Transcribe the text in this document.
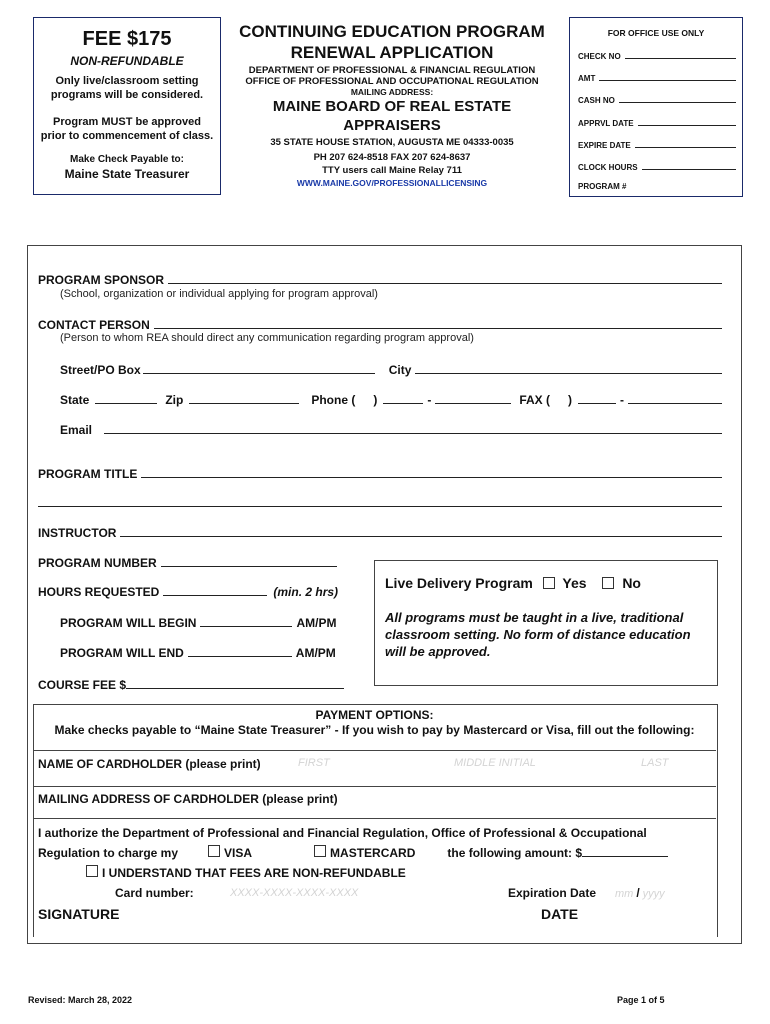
FEE $175
NON-REFUNDABLE
Only live/classroom setting
programs will be considered.
Program MUST be approved
prior to commencement of class.
Make Check Payable to:
Maine State Treasurer
CONTINUING EDUCATION PROGRAM
RENEWAL APPLICATION
DEPARTMENT OF PROFESSIONAL & FINANCIAL REGULATION
OFFICE OF PROFESSIONAL AND OCCUPATIONAL REGULATION
MAILING ADDRESS:
MAINE BOARD OF REAL ESTATE
APPRAISERS
35 STATE HOUSE STATION, AUGUSTA ME 04333-0035
PH 207 624-8518 FAX 207 624-8637
TTY users call Maine Relay 711
WWW.MAINE.GOV/PROFESSIONALLICENSING
FOR OFFICE USE ONLY
CHECK NO
AMT
CASH NO
APPRVL DATE
EXPIRE DATE
CLOCK HOURS
PROGRAM #
PROGRAM SPONSOR
(School, organization or individual applying for program approval)
CONTACT PERSON
(Person to whom REA should direct any communication regarding program approval)
Street/PO Box	City
State	Zip	Phone ( )	-	FAX ( )	-
Email
PROGRAM TITLE
INSTRUCTOR
PROGRAM NUMBER
HOURS REQUESTED	(min. 2 hrs)
PROGRAM WILL BEGIN	AM/PM
PROGRAM WILL END	AM/PM
COURSE FEE $
Live Delivery Program Yes	No
All programs must be taught in a live, traditional classroom setting. No form of distance education will be approved.
PAYMENT OPTIONS:
Make checks payable to “Maine State Treasurer” - If you wish to pay by Mastercard or Visa, fill out the following:
NAME OF CARDHOLDER (please print)	FIRST	MIDDLE INITIAL	LAST
MAILING ADDRESS OF CARDHOLDER (please print)
I authorize the Department of Professional and Financial Regulation, Office of Professional & Occupational
Regulation to charge my	VISA	MASTERCARD	the following amount: $
I UNDERSTAND THAT FEES ARE NON-REFUNDABLE
Card number:	XXXX-XXXX-XXXX-XXXX	Expiration Date mm / yyyy
SIGNATURE	DATE
Revised: March 28, 2022	Page 1 of 5
